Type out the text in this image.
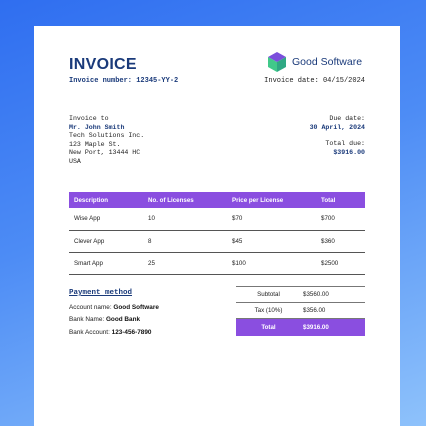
INVOICE
Invoice number: 12345-YY-2
Good Software
Invoice date: 04/15/2024
Invoice to
Mr. John Smith
Tech Solutions Inc.
123 Maple St.
New Port, 13444 HC
USA
Due date:
30 April, 2024
Total due:
$3916.00
Description	No. of Licenses	Price per License	Total
Wise App	10	$70	$700
Clever App	8	$45	$360
Smart App	25	$100	$2500
Payment method
Account name: Good Software
Bank Name: Good Bank
Bank Account: 123-456-7890
Subtotal	$3560.00
Tax (10%)	$356.00
Total	$3916.00
